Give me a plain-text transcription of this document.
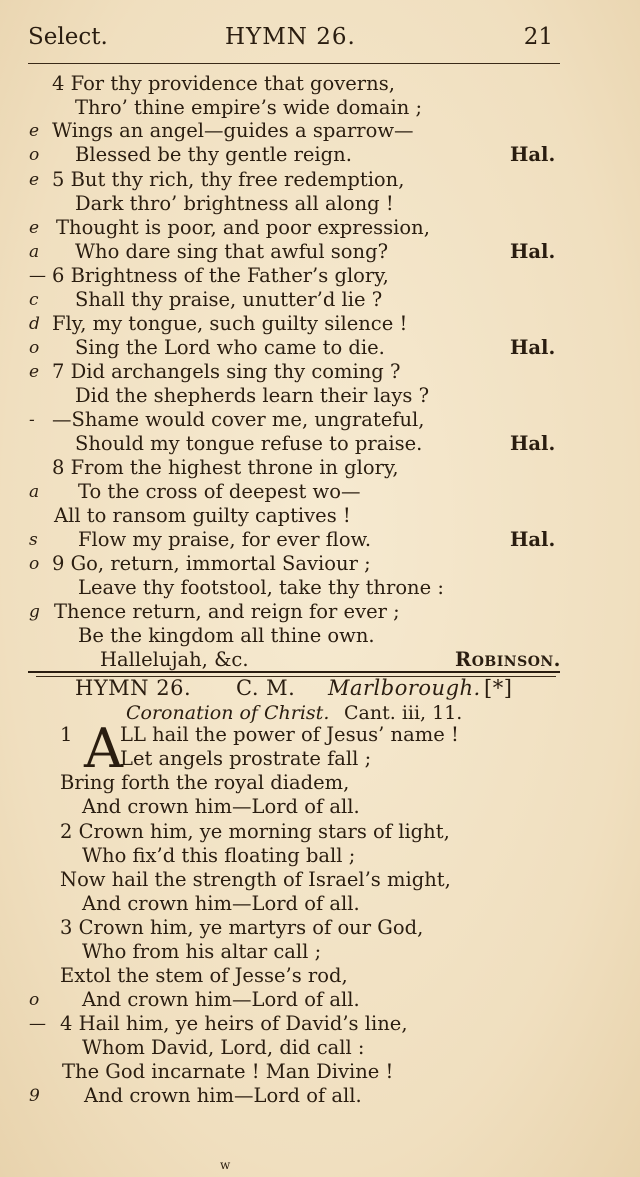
Select.	HYMN 26.	21
4 For thy providence that governs,
Thro’ thine empire’s wide domain ;
e Wings an angel—guides a sparrow—
o Blessed be thy gentle reign.	Hal.
e 5 But thy rich, thy free redemption,
Dark thro’ brightness all along !
e Thought is poor, and poor expression,
a Who dare sing that awful song?	Hal.
— 6 Brightness of the Father’s glory,
c Shall thy praise, unutter’d lie ?
d Fly, my tongue, such guilty silence !
o Sing the Lord who came to die.	Hal.
e 7 Did archangels sing thy coming ?
Did the shepherds learn their lays ?
- —Shame would cover me, ungrateful,
Should my tongue refuse to praise.	Hal.
8 From the highest throne in glory,
a To the cross of deepest wo—
All to ransom guilty captives !
s Flow my praise, for ever flow.	Hal.
o 9 Go, return, immortal Saviour ;
Leave thy footstool, take thy throne :
g Thence return, and reign for ever ;
Be the kingdom all thine own.
Hallelujah, &c.	Robinson.
HYMN 26. C. M. Marlborough. [*]
Coronation of Christ. Cant. iii, 11.
1 A
LL hail the power of Jesus’ name !
Let angels prostrate fall ;
Bring forth the royal diadem,
And crown him—Lord of all.
2 Crown him, ye morning stars of light,
Who fix’d this floating ball ;
Now hail the strength of Israel’s might,
And crown him—Lord of all.
3 Crown him, ye martyrs of our God,
Who from his altar call ;
Extol the stem of Jesse’s rod,
o And crown him—Lord of all.
— 4 Hail him, ye heirs of David’s line,
Whom David, Lord, did call :
The God incarnate ! Man Divine !
9 And crown him—Lord of all.
w
